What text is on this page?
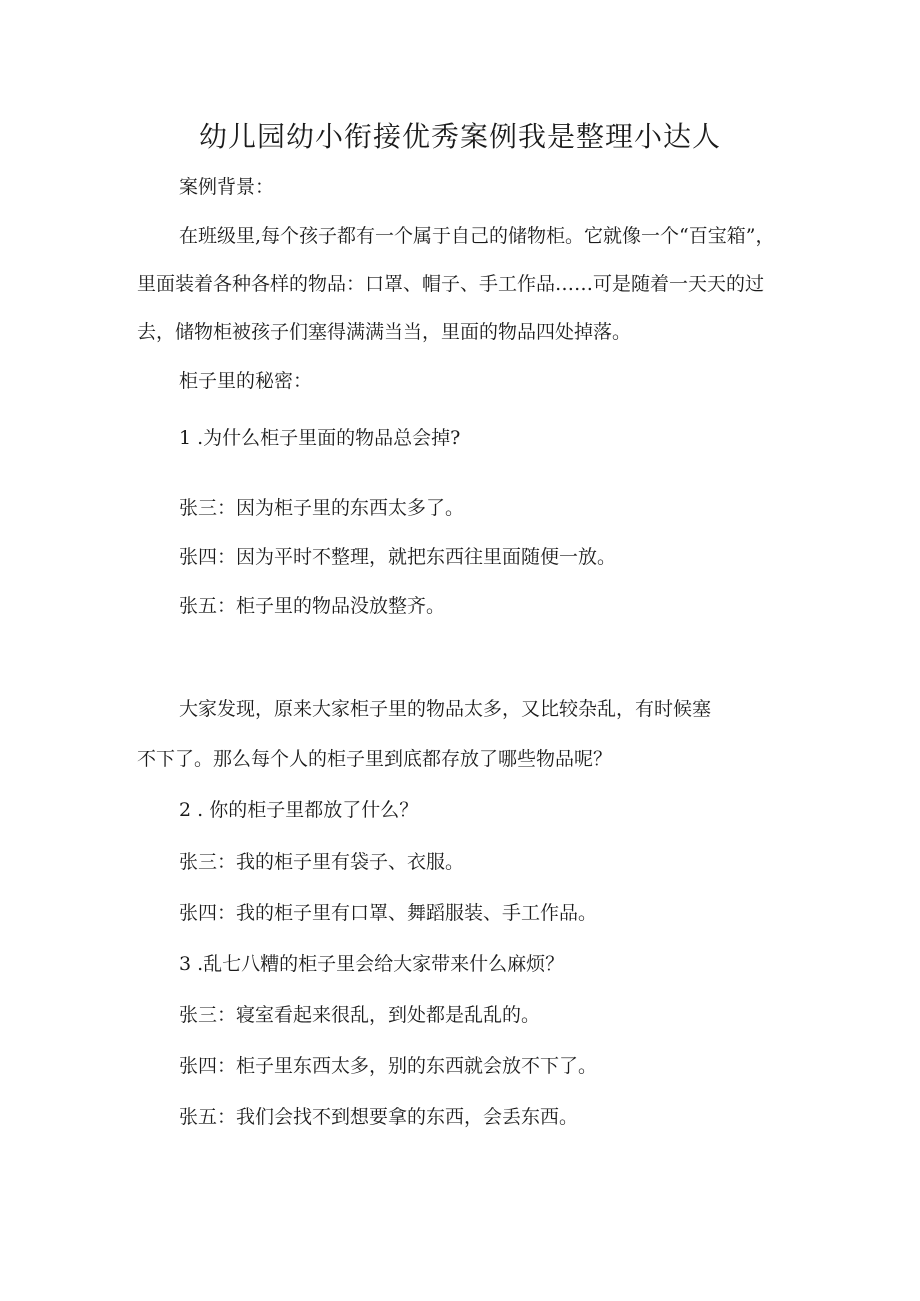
幼儿园幼小衔接优秀案例我是整理小达人

案例背景：

在班级里,每个孩子都有一个属于自己的储物柜。它就像一个“百宝箱”，

里面装着各种各样的物品：口罩、帽子、手工作品……可是随着一天天的过

去，储物柜被孩子们塞得满满当当，里面的物品四处掉落。

柜子里的秘密：

1 .为什么柜子里面的物品总会掉?

张三：因为柜子里的东西太多了。

张四：因为平时不整理，就把东西往里面随便一放。

张五：柜子里的物品没放整齐。

大家发现，原来大家柜子里的物品太多，又比较杂乱，有时候塞

不下了。那么每个人的柜子里到底都存放了哪些物品呢？

2 . 你的柜子里都放了什么？

张三：我的柜子里有袋子、衣服。

张四：我的柜子里有口罩、舞蹈服装、手工作品。

3 .乱七八糟的柜子里会给大家带来什么麻烦？

张三：寝室看起来很乱，到处都是乱乱的。

张四：柜子里东西太多，别的东西就会放不下了。

张五：我们会找不到想要拿的东西，会丢东西。
